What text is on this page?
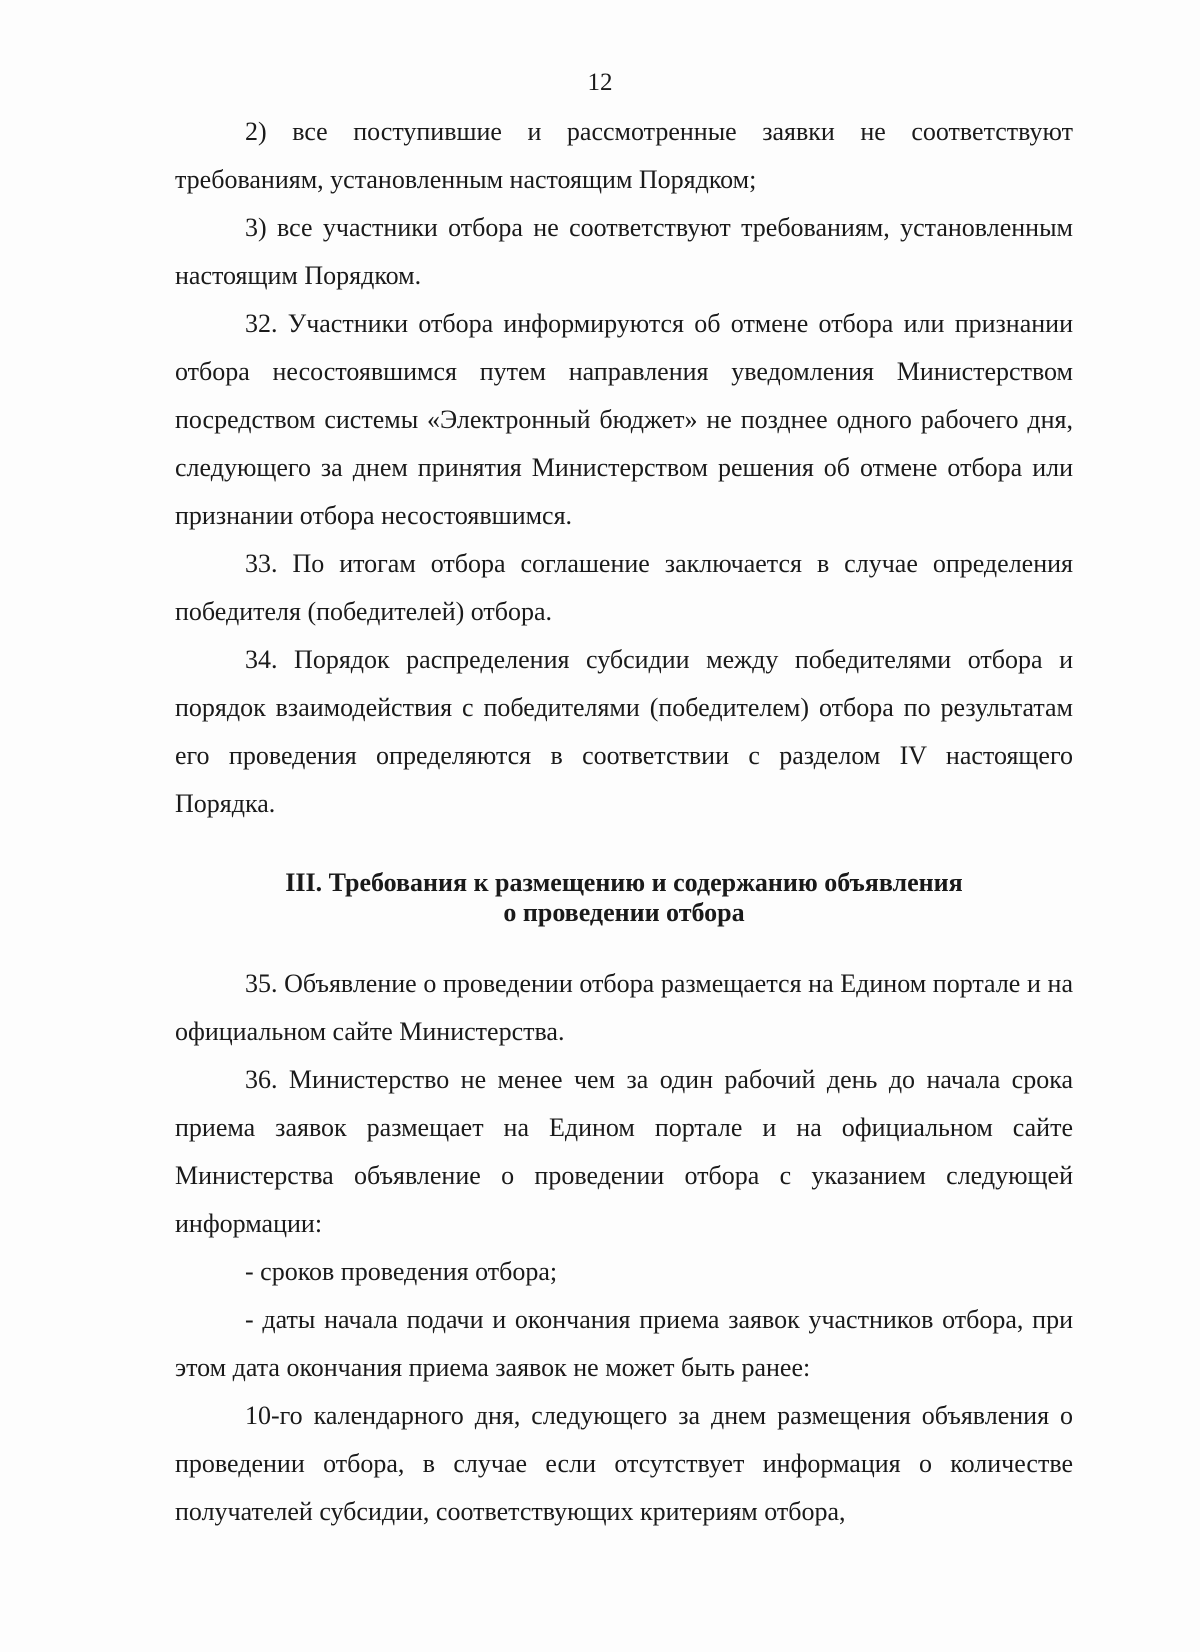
12

2) все поступившие и рассмотренные заявки не соответствуют требованиям, установленным настоящим Порядком;

3) все участники отбора не соответствуют требованиям, установленным настоящим Порядком.

32. Участники отбора информируются об отмене отбора или признании отбора несостоявшимся путем направления уведомления Министерством посредством системы «Электронный бюджет» не позднее одного рабочего дня, следующего за днем принятия Министерством решения об отмене отбора или признании отбора несостоявшимся.

33. По итогам отбора соглашение заключается в случае определения победителя (победителей) отбора.

34. Порядок распределения субсидии между победителями отбора и порядок взаимодействия с победителями (победителем) отбора по результатам его проведения определяются в соответствии с разделом IV настоящего Порядка.

III. Требования к размещению и содержанию объявления
о проведении отбора

35. Объявление о проведении отбора размещается на Едином портале и на официальном сайте Министерства.

36. Министерство не менее чем за один рабочий день до начала срока приема заявок размещает на Едином портале и на официальном сайте Министерства объявление о проведении отбора с указанием следующей информации:

- сроков проведения отбора;

- даты начала подачи и окончания приема заявок участников отбора, при этом дата окончания приема заявок не может быть ранее:

10-го календарного дня, следующего за днем размещения объявления о проведении отбора, в случае если отсутствует информация о количестве получателей субсидии, соответствующих критериям отбора,
